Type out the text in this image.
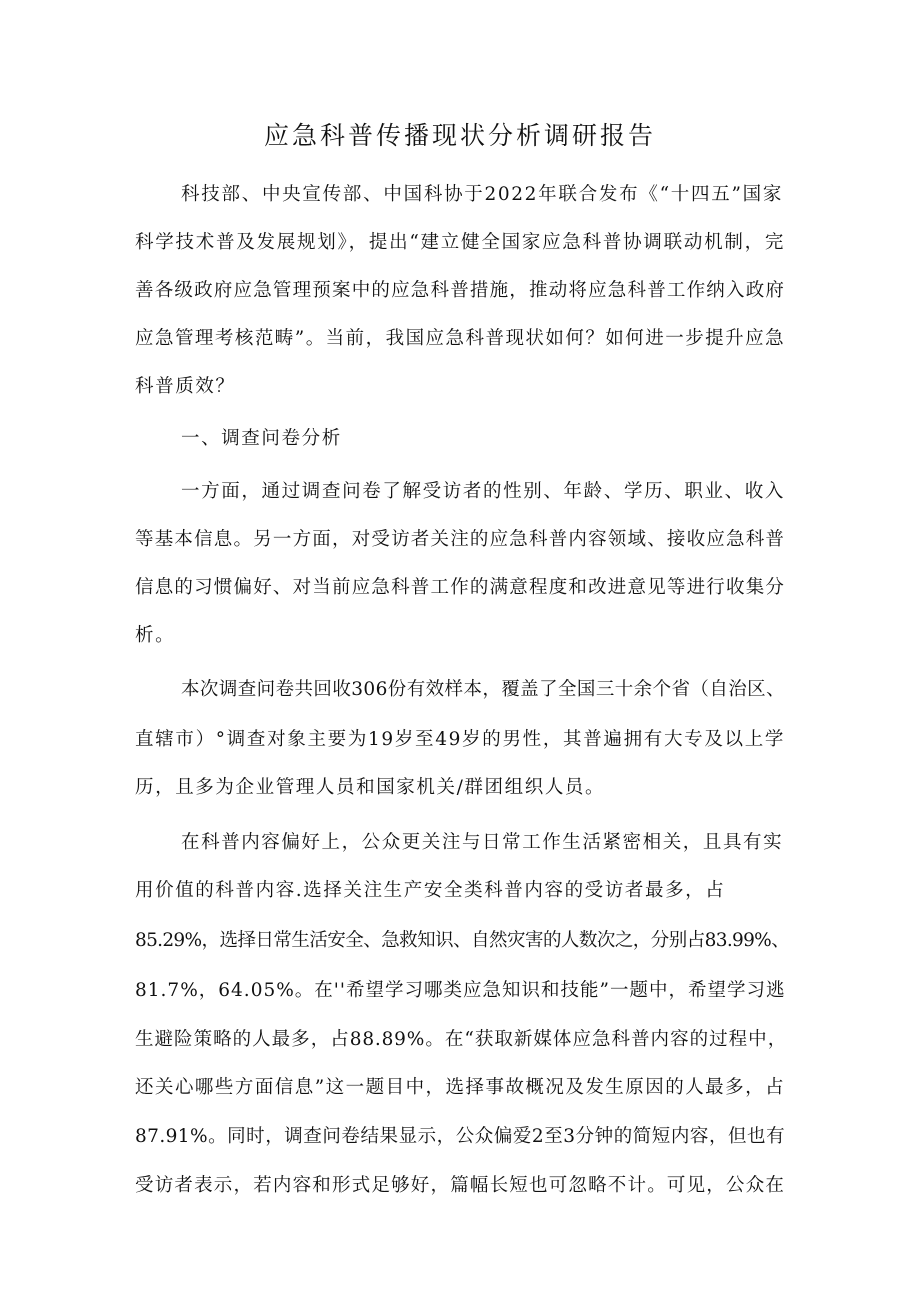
应急科普传播现状分析调研报告
科技部、中央宣传部、中国科协于2022年联合发布《“十四五”国家
科学技术普及发展规划》，提出“建立健全国家应急科普协调联动机制，完
善各级政府应急管理预案中的应急科普措施，推动将应急科普工作纳入政府
应急管理考核范畴”。当前，我国应急科普现状如何？如何进一步提升应急
科普质效？
一、调查问卷分析
一方面，通过调查问卷了解受访者的性别、年龄、学历、职业、收入
等基本信息。另一方面，对受访者关注的应急科普内容领域、接收应急科普
信息的习惯偏好、对当前应急科普工作的满意程度和改进意见等进行收集分
析。
本次调查问卷共回收306份有效样本，覆盖了全国三十余个省（自治区、
直辖市）°调查对象主要为19岁至49岁的男性，其普遍拥有大专及以上学
历，且多为企业管理人员和国家机关/群团组织人员。
在科普内容偏好上，公众更关注与日常工作生活紧密相关，且具有实
用价值的科普内容.选择关注生产安全类科普内容的受访者最多，占
85.29%，选择日常生活安全、急救知识、自然灾害的人数次之，分别占83.99%、
81.7%，64.05%。在''希望学习哪类应急知识和技能”一题中，希望学习逃
生避险策略的人最多，占88.89%。在“获取新媒体应急科普内容的过程中，
还关心哪些方面信息”这一题目中，选择事故概况及发生原因的人最多，占
87.91%。同时，调查问卷结果显示，公众偏爱2至3分钟的简短内容，但也有
受访者表示，若内容和形式足够好，篇幅长短也可忽略不计。可见，公众在
